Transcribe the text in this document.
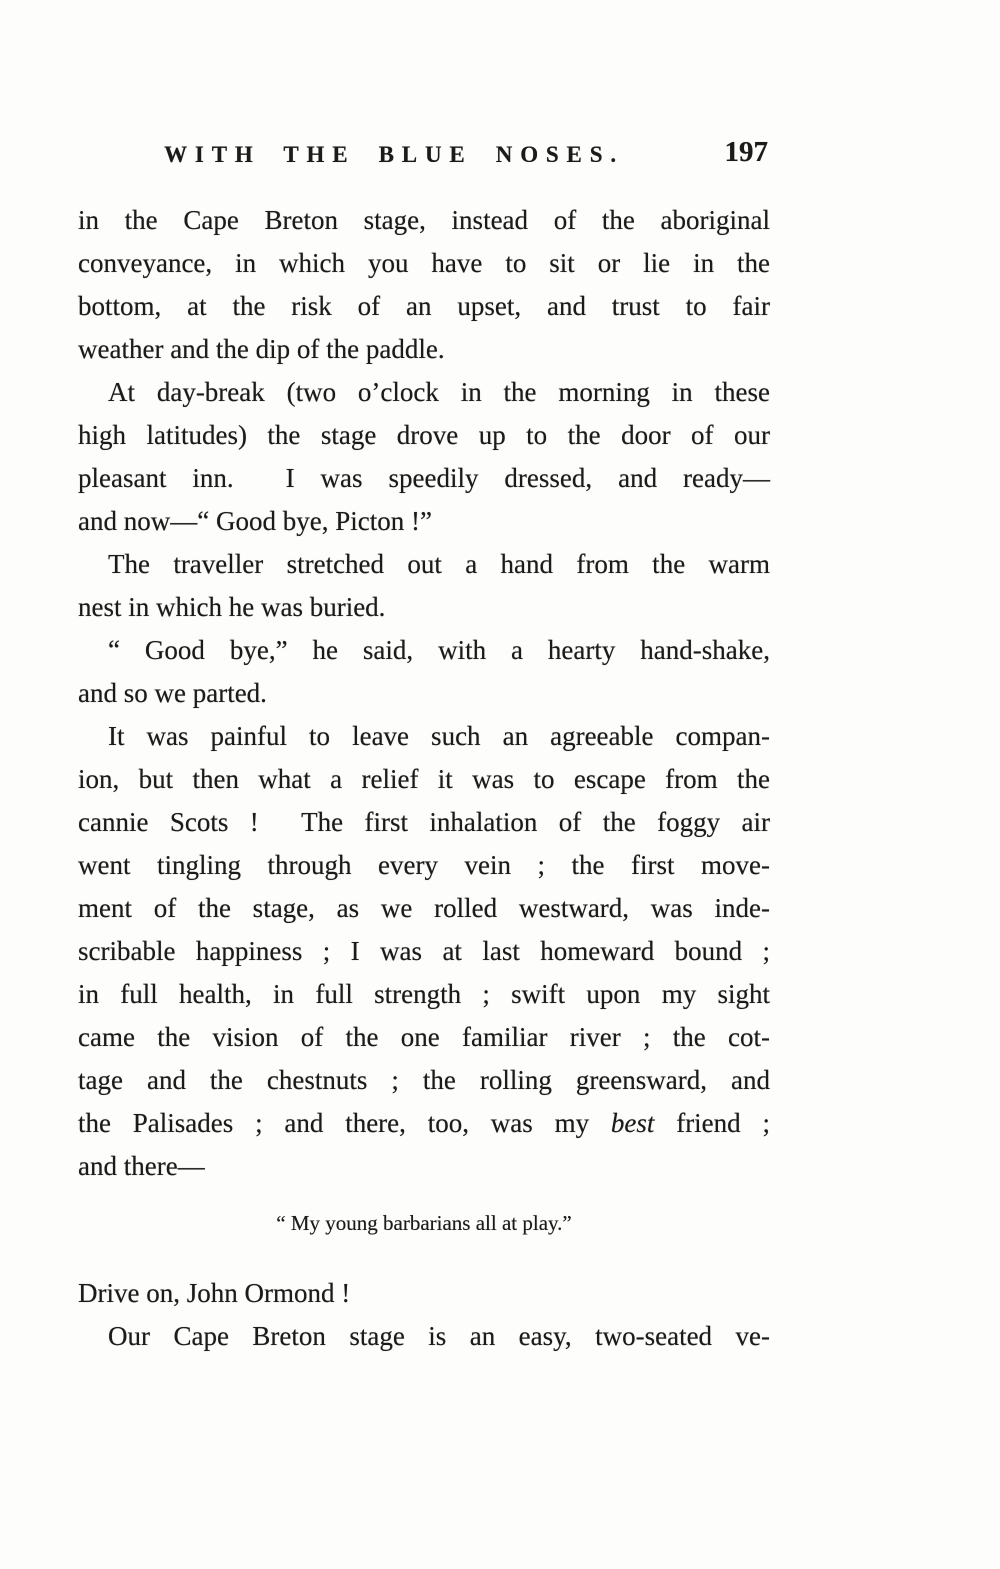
WITH THE BLUE NOSES.	197
in the Cape Breton stage, instead of the aboriginal
conveyance, in which you have to sit or lie in the
bottom, at the risk of an upset, and trust to fair
weather and the dip of the paddle.
At day-break (two o’clock in the morning in these
high latitudes) the stage drove up to the door of our
pleasant inn.  I was speedily dressed, and ready—
and now—“ Good bye, Picton !”
The traveller stretched out a hand from the warm
nest in which he was buried.
“ Good bye,” he said, with a hearty hand-shake,
and so we parted.
It was painful to leave such an agreeable compan-
ion, but then what a relief it was to escape from the
cannie Scots !  The first inhalation of the foggy air
went tingling through every vein ; the first move-
ment of the stage, as we rolled westward, was inde-
scribable happiness ; I was at last homeward bound ;
in full health, in full strength ; swift upon my sight
came the vision of the one familiar river ; the cot-
tage and the chestnuts ; the rolling greensward, and
the Palisades ; and there, too, was my best friend ;
and there—
“ My young barbarians all at play.”
Drive on, John Ormond !
Our Cape Breton stage is an easy, two-seated ve-
